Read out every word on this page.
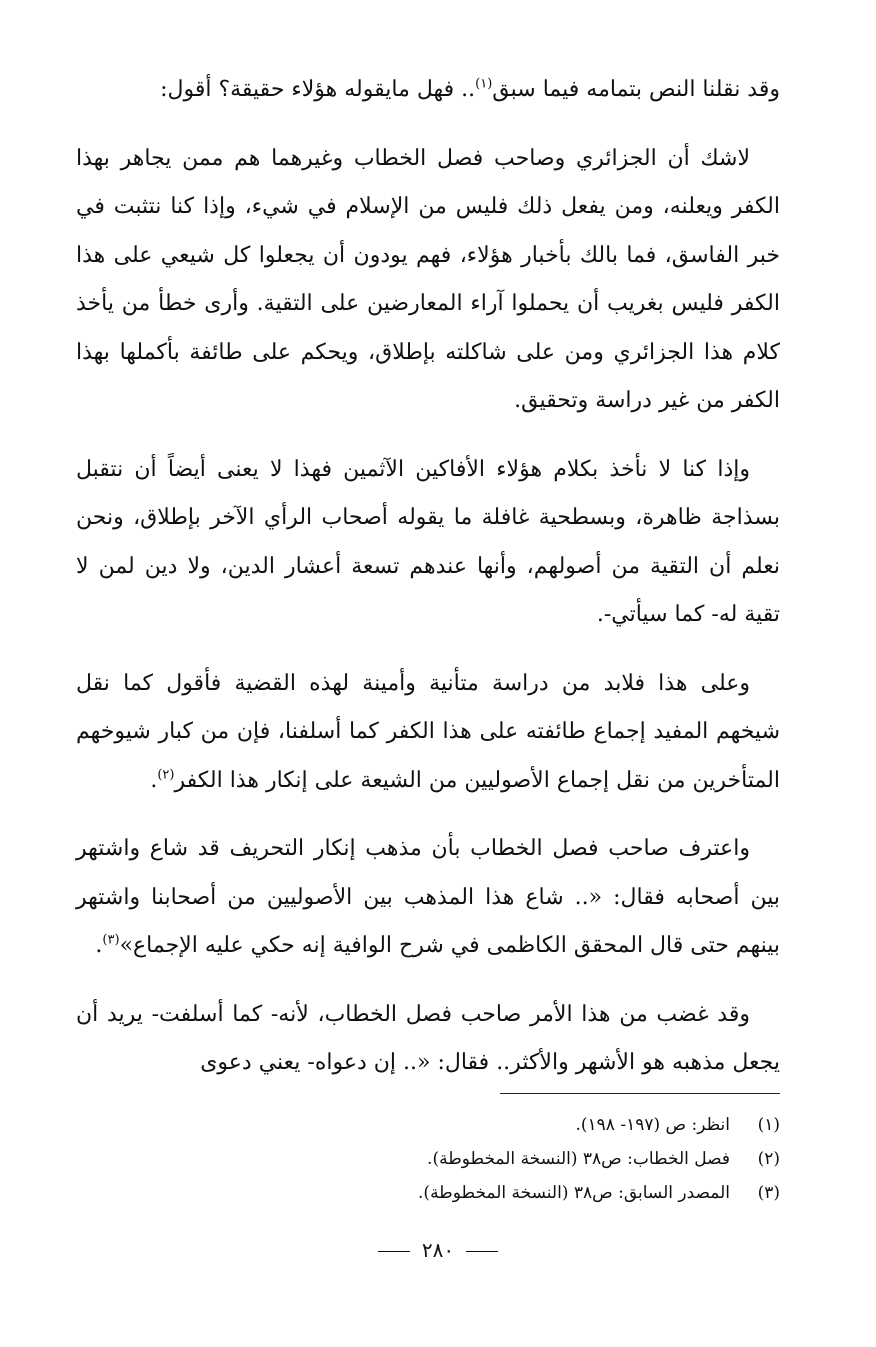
وقد نقلنا النص بتمامه فيما سبق$^{(١)}$.. فهل مايقوله هؤلاء حقيقة؟ أقول:

لاشك أن الجزائري وصاحب فصل الخطاب وغيرهما هم ممن يجاهر بهذا الكفر ويعلنه، ومن يفعل ذلك فليس من الإسلام في شيء، وإذا كنا نتثبت في خبر الفاسق، فما بالك بأخبار هؤلاء، فهم يودون أن يجعلوا كل شيعي على هذا الكفر فليس بغريب أن يحملوا آراء المعارضين على التقية. وأرى خطأ من يأخذ كلام هذا الجزائري ومن على شاكلته بإطلاق، ويحكم على طائفة بأكملها بهذا الكفر من غير دراسة وتحقيق.

وإذا كنا لا نأخذ بكلام هؤلاء الأفاكين الآثمين فهذا لا يعنى أيضاً أن نتقبل بسذاجة ظاهرة، وبسطحية غافلة ما يقوله أصحاب الرأي الآخر بإطلاق، ونحن نعلم أن التقية من أصولهم، وأنها عندهم تسعة أعشار الدين، ولا دين لمن لا تقية له- كما سيأتي-.

وعلى هذا فلابد من دراسة متأنية وأمينة لهذه القضية فأقول كما نقل شيخهم المفيد إجماع طائفته على هذا الكفر كما أسلفنا، فإن من كبار شيوخهم المتأخرين من نقل إجماع الأصوليين من الشيعة على إنكار هذا الكفر$^{(٢)}$.

واعترف صاحب فصل الخطاب بأن مذهب إنكار التحريف قد شاع واشتهر بين أصحابه فقال: «.. شاع هذا المذهب بين الأصوليين من أصحابنا واشتهر بينهم حتى قال المحقق الكاظمى في شرح الوافية إنه حكي عليه الإجماع»$^{(٣)}$.

وقد غضب من هذا الأمر صاحب فصل الخطاب، لأنه- كما أسلفت- يريد أن يجعل مذهبه هو الأشهر والأكثر.. فقال: «.. إن دعواه- يعني دعوى

(١)
انظر: ص (١٩٧- ١٩٨).
(٢)
فصل الخطاب: ص٣٨ (النسخة المخطوطة).
(٣)
المصدر السابق: ص٣٨ (النسخة المخطوطة).
٢٨٠
